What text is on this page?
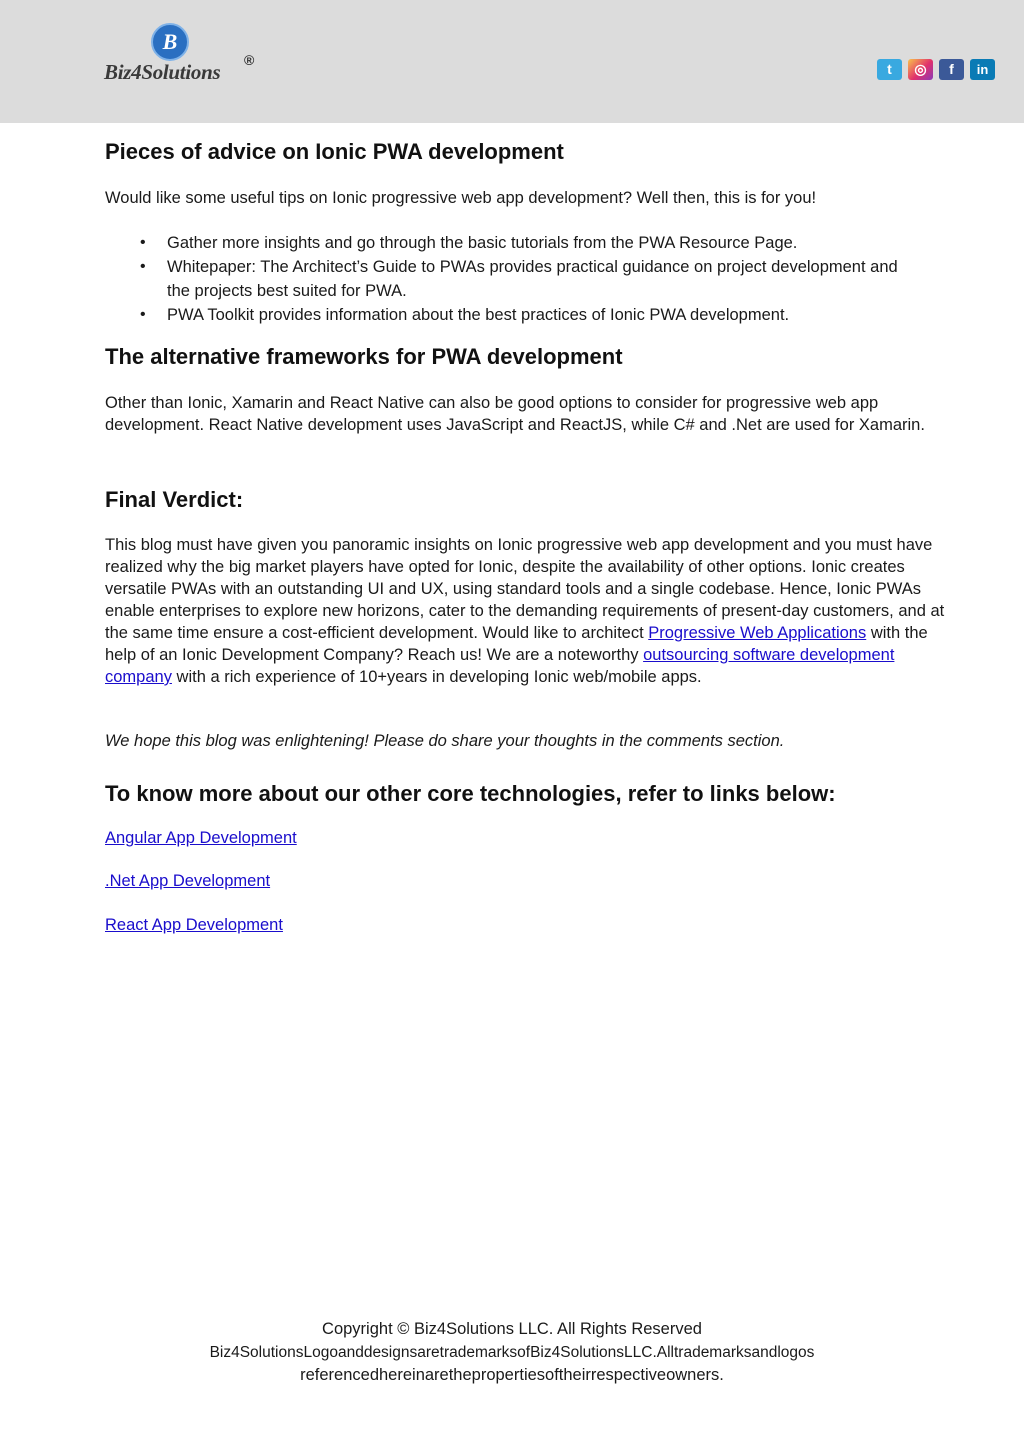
B
Biz4Solutions ®
t	◎	f	in
Pieces of advice on Ionic PWA development

Would like some useful tips on Ionic progressive web app development? Well then, this is for you!

• Gather more insights and go through the basic tutorials from the PWA Resource Page.
• Whitepaper: The Architect’s Guide to PWAs provides practical guidance on project development and the projects best suited for PWA.
• PWA Toolkit provides information about the best practices of Ionic PWA development.
The alternative frameworks for PWA development

Other than Ionic, Xamarin and React Native can also be good options to consider for progressive web app development. React Native development uses JavaScript and ReactJS, while C# and .Net are used for Xamarin.

Final Verdict:

This blog must have given you panoramic insights on Ionic progressive web app development and you must have realized why the big market players have opted for Ionic, despite the availability of other options. Ionic creates versatile PWAs with an outstanding UI and UX, using standard tools and a single codebase. Hence, Ionic PWAs enable enterprises to explore new horizons, cater to the demanding requirements of present-day customers, and at the same time ensure a cost-efficient development. Would like to architect Progressive Web Applications with the help of an Ionic Development Company? Reach us! We are a noteworthy outsourcing software development company with a rich experience of 10+years in developing Ionic web/mobile apps.

We hope this blog was enlightening! Please do share your thoughts in the comments section.

To know more about our other core technologies, refer to links below:
Angular App Development
.Net App Development
React App Development
Copyright © Biz4Solutions LLC. All Rights Reserved
Biz4SolutionsLogoanddesignsaretrademarksofBiz4SolutionsLLC.Alltrademarksandlogos
referencedhereinarethepropertiesoftheirrespectiveowners.
